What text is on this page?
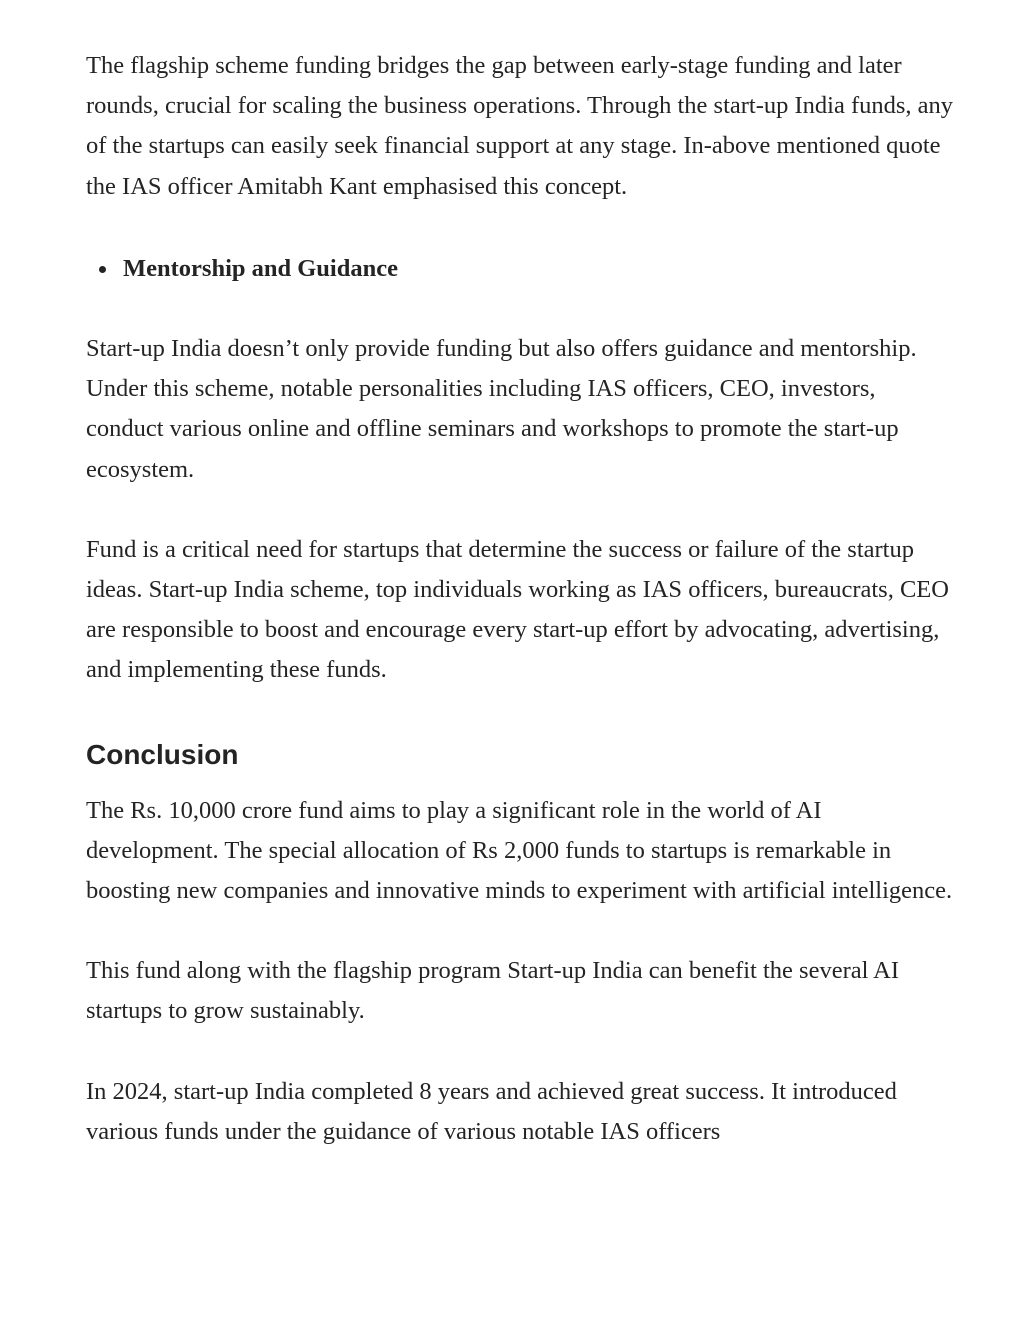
The flagship scheme funding bridges the gap between early-stage funding and later rounds, crucial for scaling the business operations. Through the start-up India funds, any of the startups can easily seek financial support at any stage. In-above mentioned quote the IAS officer Amitabh Kant emphasised this concept.

Mentorship and Guidance

Start-up India doesn’t only provide funding but also offers guidance and mentorship. Under this scheme, notable personalities including IAS officers, CEO, investors, conduct various online and offline seminars and workshops to promote the start-up ecosystem.

Fund is a critical need for startups that determine the success or failure of the startup ideas. Start-up India scheme, top individuals working as IAS officers, bureaucrats, CEO are responsible to boost and encourage every start-up effort by advocating, advertising, and implementing these funds.

Conclusion

The Rs. 10,000 crore fund aims to play a significant role in the world of AI development. The special allocation of Rs 2,000 funds to startups is remarkable in boosting new companies and innovative minds to experiment with artificial intelligence.

This fund along with the flagship program Start-up India can benefit the several AI startups to grow sustainably.

In 2024, start-up India completed 8 years and achieved great success. It introduced various funds under the guidance of various notable IAS officers
